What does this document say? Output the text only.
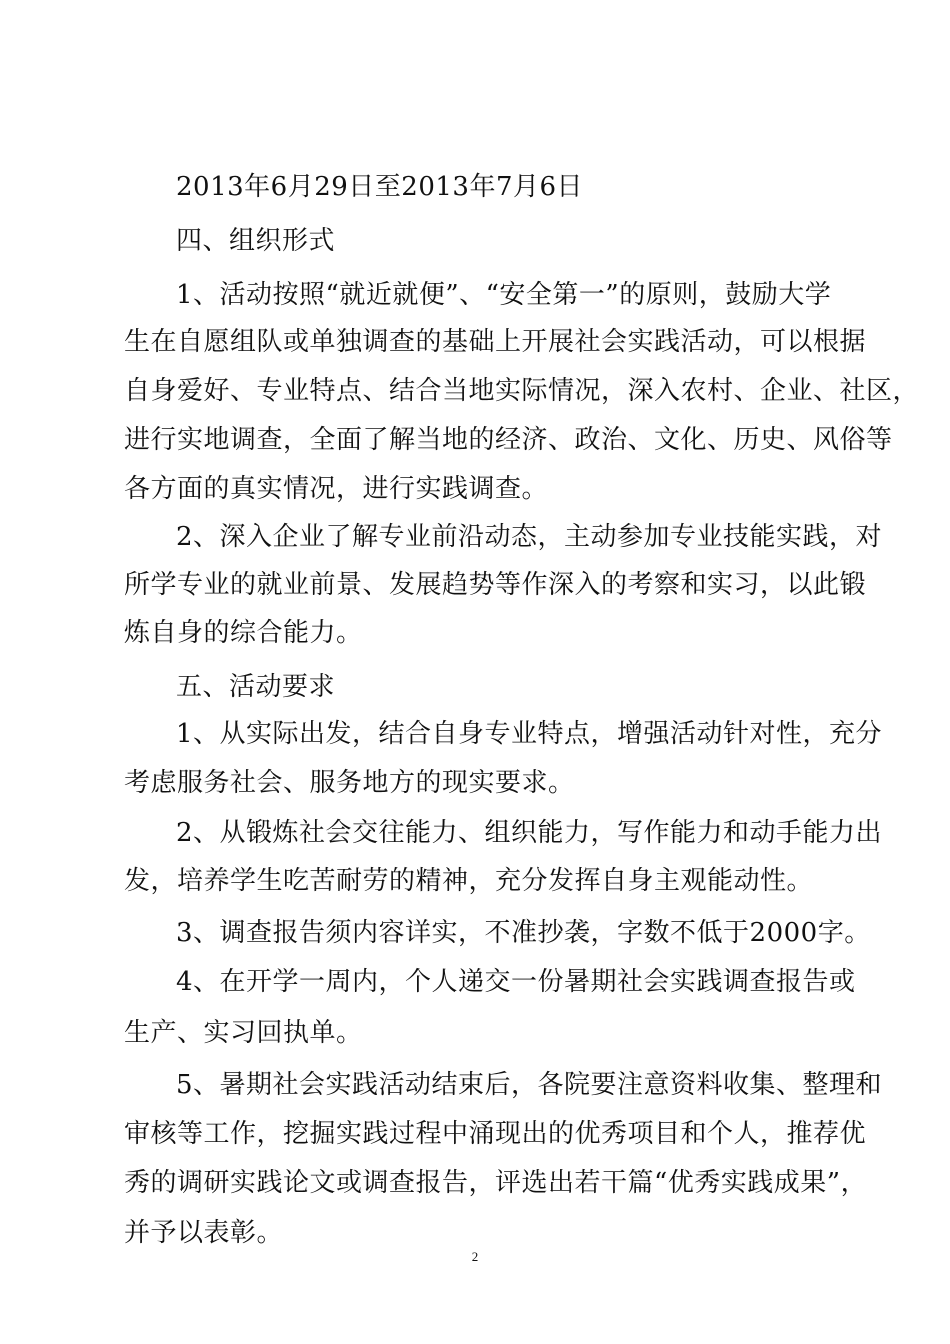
2013年6月29日至2013年7月6日
四、组织形式
1、活动按照“就近就便”、“安全第一”的原则，鼓励大学
生在自愿组队或单独调查的基础上开展社会实践活动，可以根据
自身爱好、专业特点、结合当地实际情况，深入农村、企业、社区，
进行实地调查，全面了解当地的经济、政治、文化、历史、风俗等
各方面的真实情况，进行实践调查。
2、深入企业了解专业前沿动态，主动参加专业技能实践，对
所学专业的就业前景、发展趋势等作深入的考察和实习，以此锻
炼自身的综合能力。
五、活动要求
1、从实际出发，结合自身专业特点，增强活动针对性，充分
考虑服务社会、服务地方的现实要求。
2、从锻炼社会交往能力、组织能力，写作能力和动手能力出
发，培养学生吃苦耐劳的精神，充分发挥自身主观能动性。
3、调查报告须内容详实，不准抄袭，字数不低于2000字。
4、在开学一周内，个人递交一份暑期社会实践调查报告或
生产、实习回执单。
5、暑期社会实践活动结束后，各院要注意资料收集、整理和
审核等工作，挖掘实践过程中涌现出的优秀项目和个人，推荐优
秀的调研实践论文或调查报告，评选出若干篇“优秀实践成果”，
并予以表彰。
2
